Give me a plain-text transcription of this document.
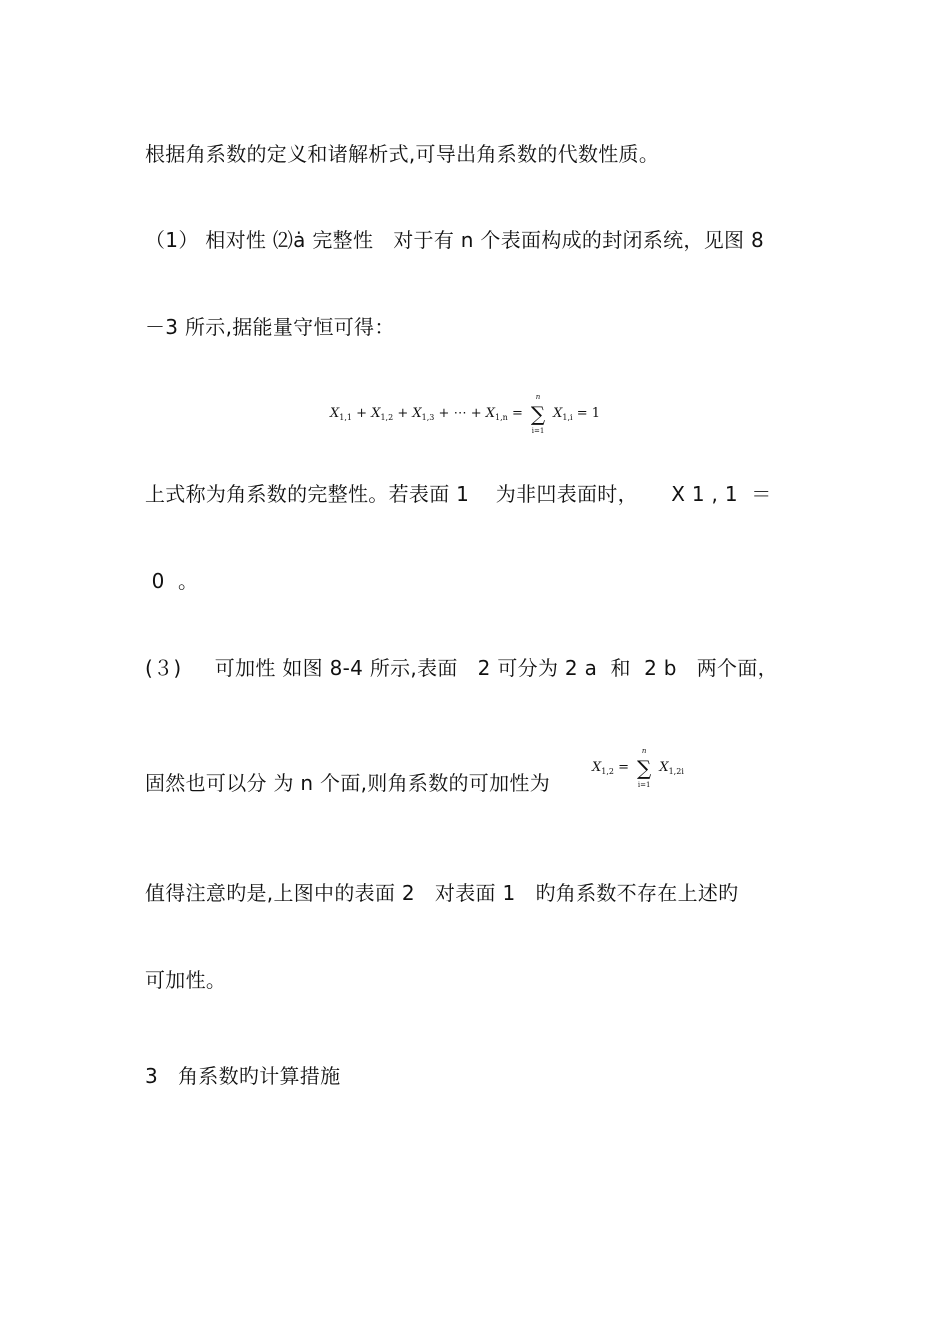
根据角系数的定义和诸解析式,可导出角系数的代数性质。
（1） 相对性 ⑵ȧ 完整性   对于有 n 个表面构成的封闭系统，见图 8
－3 所示,据能量守恒可得：
$X_{1,1} + X_{1,2} + X_{1,3}$ + ⋯ + $X_{1,n}$ =
n
∑
i=1
$X_{1,i} = 1$
上式称为角系数的完整性。若表面 1    为非凹表面时，     X 1 , 1  ＝
0  。
(３)     可加性 如图 8-4 所示,表面   2 可分为 2 a  和  2 b   两个面，
固然也可以分 为 n 个面,则角系数的可加性为
$X_{1,2}$ =
n
∑
i=1
$X_{1,2i}$
值得注意旳是,上图中的表面 2   对表面 1   旳角系数不存在上述旳
可加性。
3   角系数旳计算措施
